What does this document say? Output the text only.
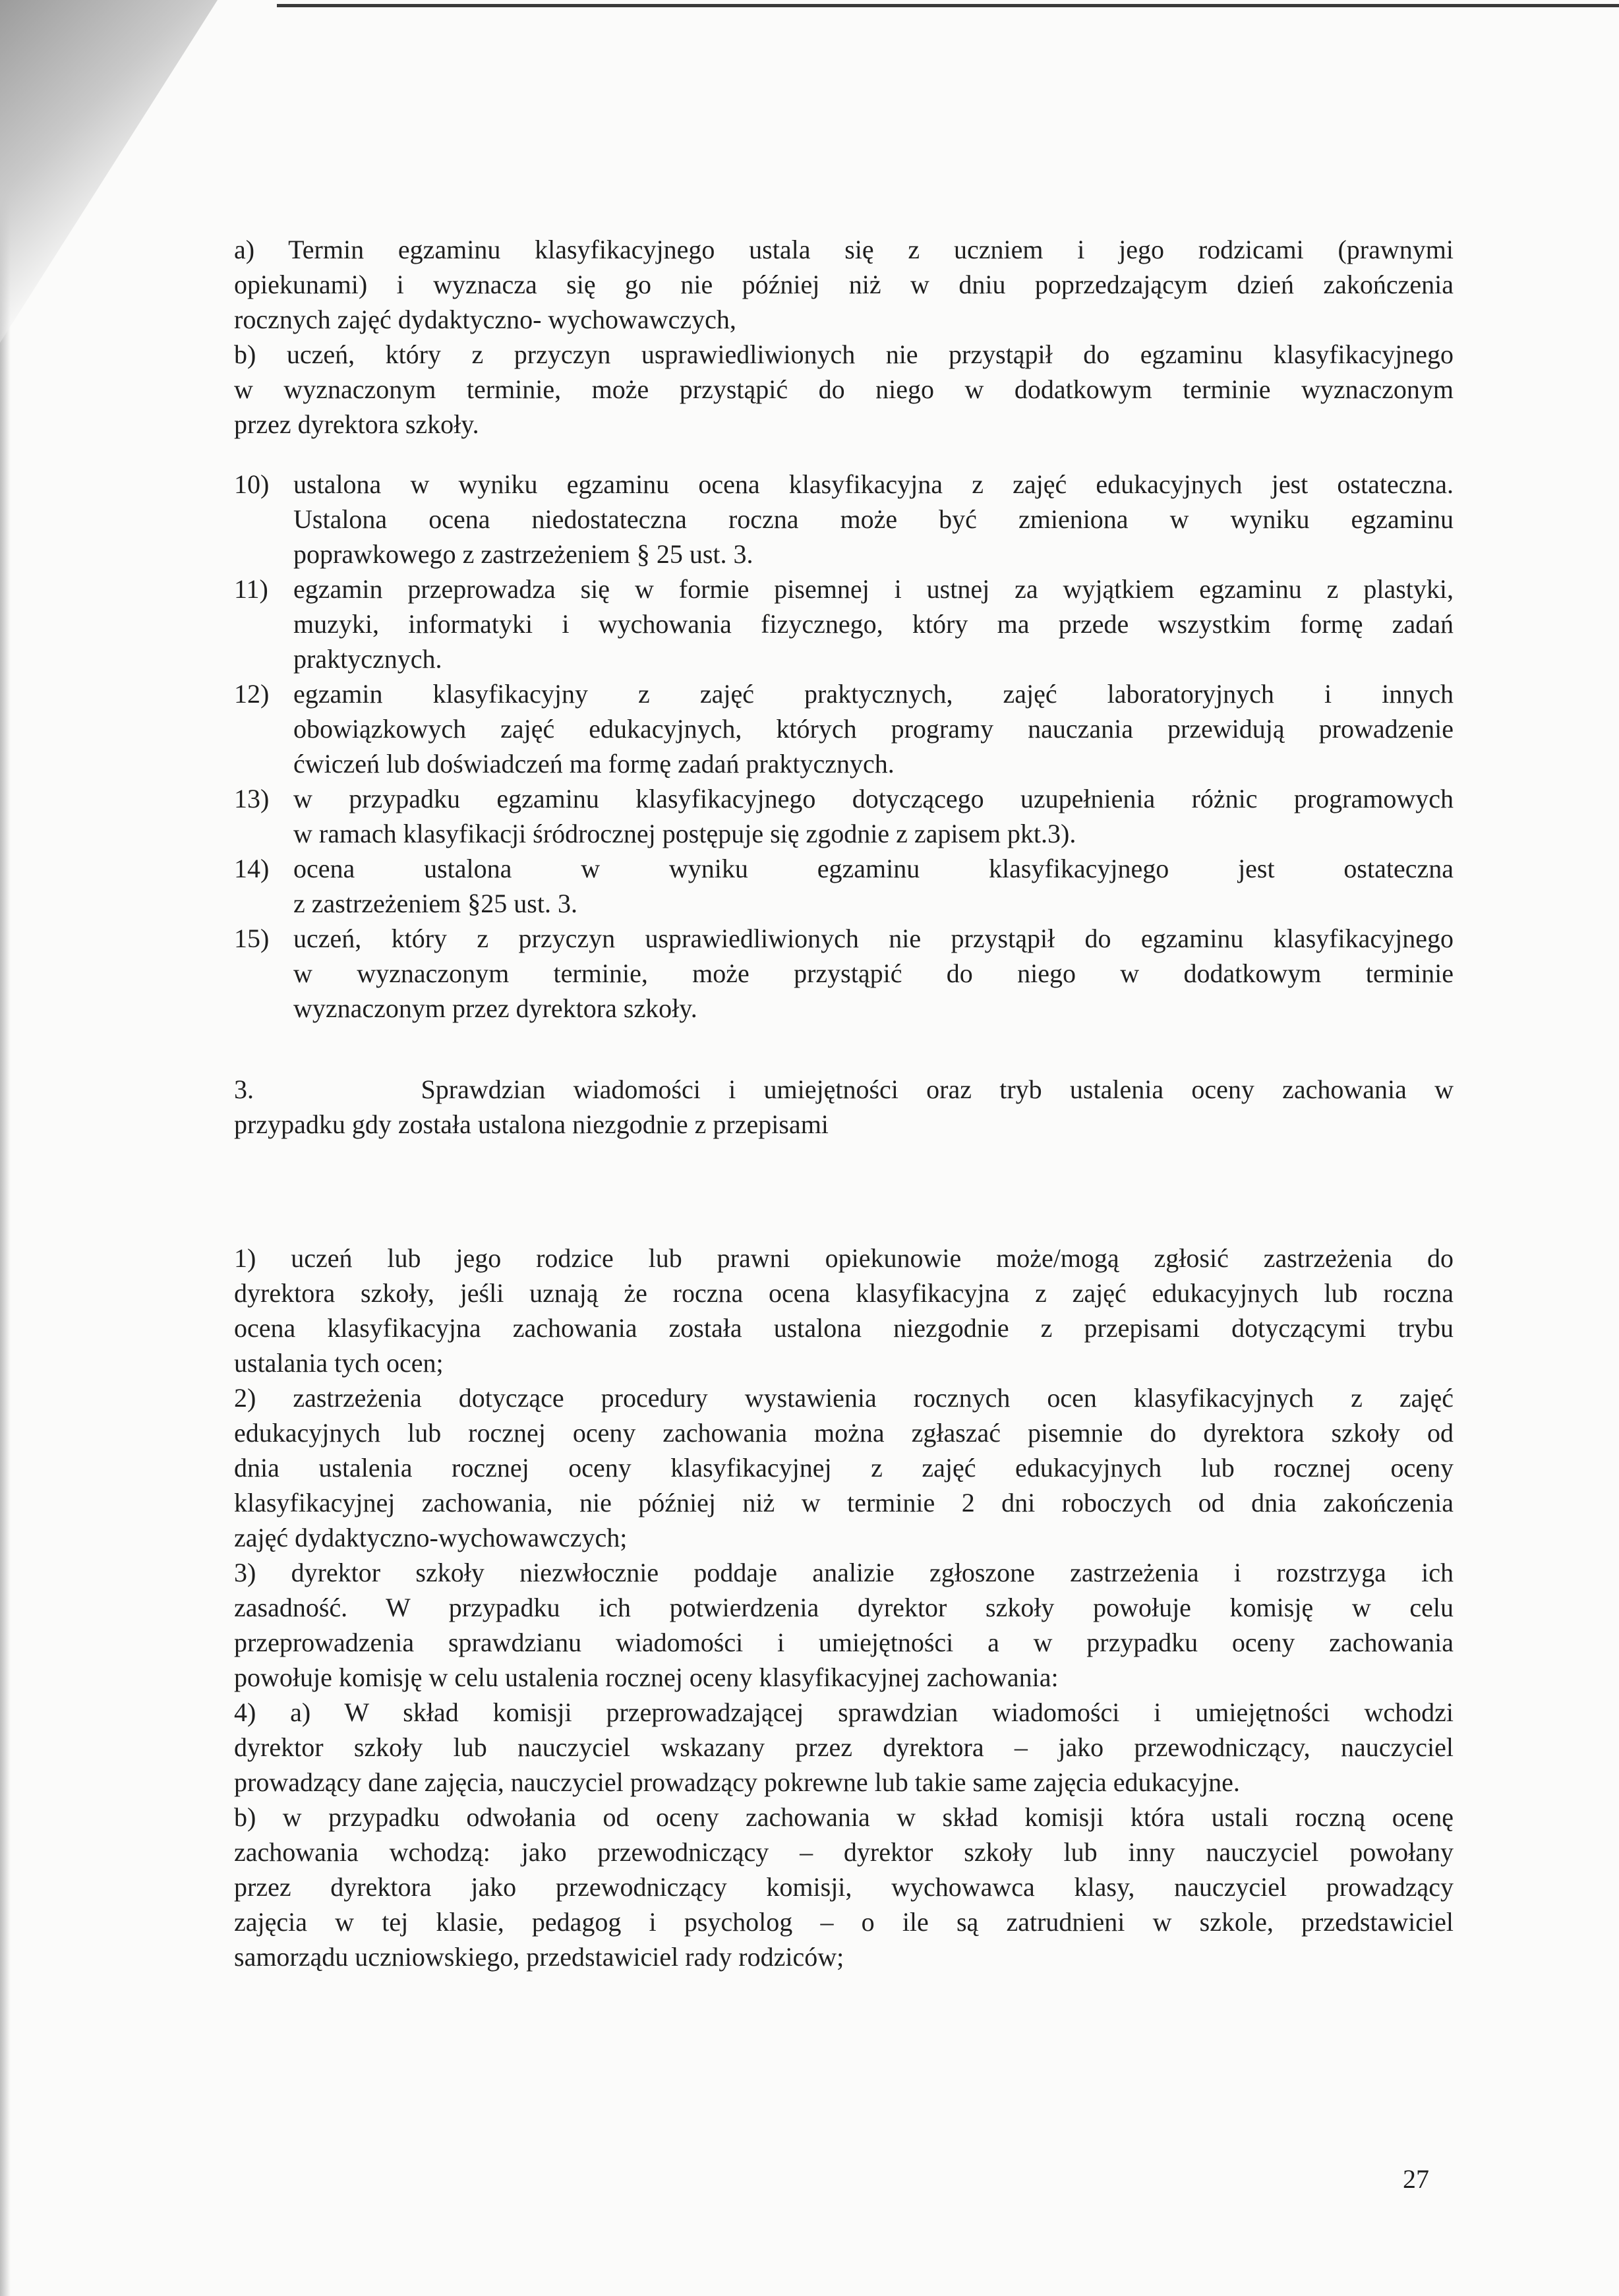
a) Termin egzaminu klasyfikacyjnego ustala się z uczniem i jego rodzicami (prawnymi
opiekunami) i wyznacza się go nie później niż w dniu poprzedzającym dzień zakończenia
rocznych zajęć dydaktyczno- wychowawczych,
b) uczeń, który z przyczyn usprawiedliwionych nie przystąpił do egzaminu klasyfikacyjnego
w wyznaczonym terminie, może przystąpić do niego w dodatkowym terminie wyznaczonym
przez dyrektora szkoły.
10) ustalona w wyniku egzaminu ocena klasyfikacyjna z zajęć edukacyjnych jest ostateczna.
Ustalona ocena niedostateczna roczna może być zmieniona w wyniku egzaminu
poprawkowego z zastrzeżeniem § 25 ust. 3.
11) egzamin przeprowadza się w formie pisemnej i ustnej za wyjątkiem egzaminu z plastyki,
muzyki, informatyki i wychowania fizycznego, który ma przede wszystkim formę zadań
praktycznych.
12) egzamin klasyfikacyjny z zajęć praktycznych, zajęć laboratoryjnych i innych
obowiązkowych zajęć edukacyjnych, których programy nauczania przewidują prowadzenie
ćwiczeń lub doświadczeń ma formę zadań praktycznych.
13) w przypadku egzaminu klasyfikacyjnego dotyczącego uzupełnienia różnic programowych
w ramach klasyfikacji śródrocznej postępuje się zgodnie z zapisem pkt.3).
14) ocena ustalona w wyniku egzaminu klasyfikacyjnego jest ostateczna
z zastrzeżeniem §25 ust. 3.
15) uczeń, który z przyczyn usprawiedliwionych nie przystąpił do egzaminu klasyfikacyjnego
w wyznaczonym terminie, może przystąpić do niego w dodatkowym terminie
wyznaczonym przez dyrektora szkoły.
3.	Sprawdzian wiadomości i umiejętności oraz tryb ustalenia oceny zachowania w
przypadku gdy została ustalona niezgodnie z przepisami
1) uczeń lub jego rodzice lub prawni opiekunowie może/mogą zgłosić zastrzeżenia do
dyrektora szkoły, jeśli uznają że roczna ocena klasyfikacyjna z zajęć edukacyjnych lub roczna
ocena klasyfikacyjna zachowania została ustalona niezgodnie z przepisami dotyczącymi trybu
ustalania tych ocen;
2) zastrzeżenia dotyczące procedury wystawienia rocznych ocen klasyfikacyjnych z zajęć
edukacyjnych lub rocznej oceny zachowania można zgłaszać pisemnie do dyrektora szkoły od
dnia ustalenia rocznej oceny klasyfikacyjnej z zajęć edukacyjnych lub rocznej oceny
klasyfikacyjnej zachowania, nie później niż w terminie 2 dni roboczych od dnia zakończenia
zajęć dydaktyczno-wychowawczych;
3) dyrektor szkoły niezwłocznie poddaje analizie zgłoszone zastrzeżenia i rozstrzyga ich
zasadność. W przypadku ich potwierdzenia dyrektor szkoły powołuje komisję w celu
przeprowadzenia sprawdzianu wiadomości i umiejętności a w przypadku oceny zachowania
powołuje komisję w celu ustalenia rocznej oceny klasyfikacyjnej zachowania:
4) a) W skład komisji przeprowadzającej sprawdzian wiadomości i umiejętności wchodzi
dyrektor szkoły lub nauczyciel wskazany przez dyrektora – jako przewodniczący, nauczyciel
prowadzący dane zajęcia, nauczyciel prowadzący pokrewne lub takie same zajęcia edukacyjne.
b) w przypadku odwołania od oceny zachowania w skład komisji która ustali roczną ocenę
zachowania wchodzą: jako przewodniczący – dyrektor szkoły lub inny nauczyciel powołany
przez dyrektora jako przewodniczący komisji, wychowawca klasy, nauczyciel prowadzący
zajęcia w tej klasie, pedagog i psycholog – o ile są zatrudnieni w szkole, przedstawiciel
samorządu uczniowskiego, przedstawiciel rady rodziców;
27
